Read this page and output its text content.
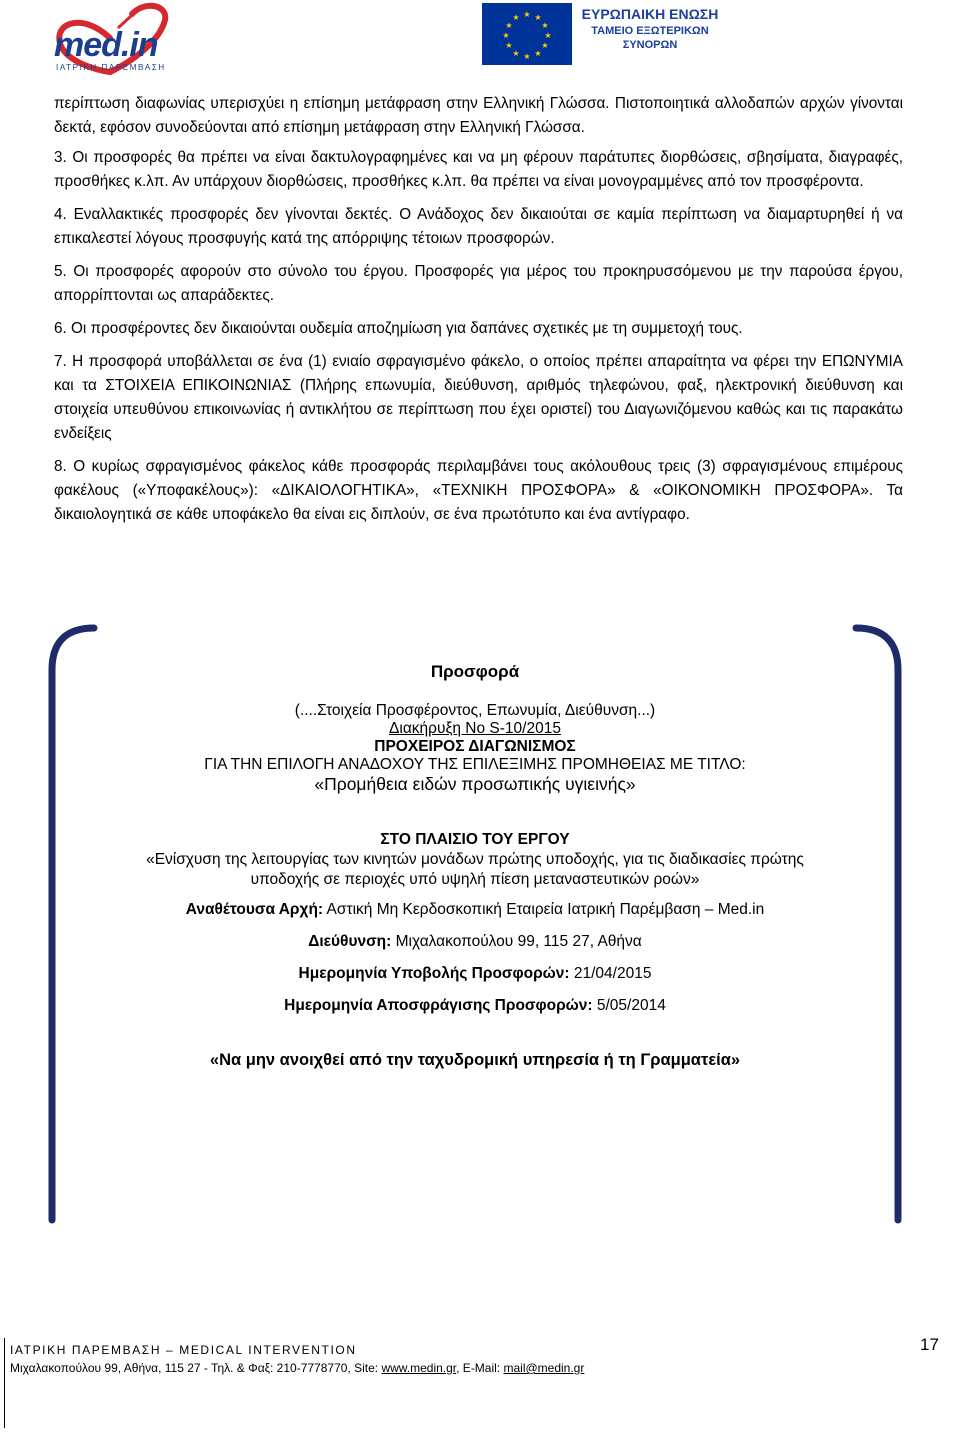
med.in
ΙΑΤΡΙΚΗ ΠΑΡΕΜΒΑΣΗ
★ ★
★
★
★
★
★
★
★
★
★
★	ΕΥΡΩΠΑΙΚΗ ΕΝΩΣΗ
ΤΑΜΕΙΟ ΕΞΩΤΕΡΙΚΩΝ
ΣΥΝΟΡΩΝ

περίπτωση διαφωνίας υπερισχύει η επίσημη μετάφραση στην Ελληνική Γλώσσα. Πιστοποιητικά αλλοδαπών αρχών γίνονται δεκτά, εφόσον συνοδεύονται από επίσημη μετάφραση στην Ελληνική Γλώσσα.

3. Οι προσφορές θα πρέπει να είναι δακτυλογραφημένες και να μη φέρουν παράτυπες διορθώσεις, σβησίματα, διαγραφές, προσθήκες κ.λπ. Αν υπάρχουν διορθώσεις, προσθήκες κ.λπ. θα πρέπει να είναι μονογραμμένες από τον προσφέροντα.

4. Εναλλακτικές προσφορές δεν γίνονται δεκτές. Ο Ανάδοχος δεν δικαιούται σε καμία περίπτωση να διαμαρτυρηθεί ή να επικαλεστεί λόγους προσφυγής κατά της απόρριψης τέτοιων προσφορών.

5. Οι προσφορές αφορούν στο σύνολο του έργου. Προσφορές για μέρος του προκηρυσσόμενου με την παρούσα έργου, απορρίπτονται ως απαράδεκτες.

6. Οι προσφέροντες δεν δικαιούνται ουδεμία αποζημίωση για δαπάνες σχετικές με τη συμμετοχή τους.

7. Η προσφορά υποβάλλεται σε ένα (1) ενιαίο σφραγισμένο φάκελο, ο οποίος πρέπει απαραίτητα να φέρει την ΕΠΩΝΥΜΙΑ και τα ΣΤΟΙΧΕΙΑ ΕΠΙΚΟΙΝΩΝΙΑΣ (Πλήρης επωνυμία, διεύθυνση, αριθμός τηλεφώνου, φαξ, ηλεκτρονική διεύθυνση και στοιχεία υπευθύνου επικοινωνίας ή αντικλήτου σε περίπτωση που έχει οριστεί) του Διαγωνιζόμενου καθώς και τις παρακάτω ενδείξεις

8. Ο κυρίως σφραγισμένος φάκελος κάθε προσφοράς περιλαμβάνει τους ακόλουθους τρεις (3) σφραγισμένους επιμέρους φακέλους («Υποφακέλους»): «ΔΙΚΑΙΟΛΟΓΗΤΙΚΑ», «ΤΕΧΝΙΚΗ ΠΡΟΣΦΟΡΑ» & «ΟΙΚΟΝΟΜΙΚΗ ΠΡΟΣΦΟΡΑ». Τα δικαιολογητικά σε κάθε υποφάκελο θα είναι εις διπλούν, σε ένα πρωτότυπο και ένα αντίγραφο.

Προσφορά
(....Στοιχεία Προσφέροντος, Επωνυμία, Διεύθυνση...)
Διακήρυξη Νο S-10/2015
ΠΡΟΧΕΙΡΟΣ ΔΙΑΓΩΝΙΣΜΟΣ
ΓΙΑ ΤΗΝ ΕΠΙΛΟΓΗ ΑΝΑΔΟΧΟΥ ΤΗΣ ΕΠΙΛΕΞΙΜΗΣ ΠΡΟΜΗΘΕΙΑΣ ΜΕ ΤΙΤΛΟ:
«Προμήθεια ειδών προσωπικής υγιεινής»
ΣΤΟ ΠΛΑΙΣΙΟ ΤΟΥ ΕΡΓΟΥ
«Ενίσχυση της λειτουργίας των κινητών μονάδων πρώτης υποδοχής, για τις διαδικασίες πρώτης
υποδοχής σε περιοχές υπό υψηλή πίεση μεταναστευτικών ροών»
Αναθέτουσα Αρχή: Αστική Μη Κερδοσκοπική Εταιρεία Ιατρική Παρέμβαση – Med.in
Διεύθυνση: Μιχαλακοπούλου 99, 115 27, Αθήνα
Ημερομηνία Υποβολής Προσφορών: 21/04/2015
Ημερομηνία Αποσφράγισης Προσφορών: 5/05/2014
«Να μην ανοιχθεί από την ταχυδρομική υπηρεσία ή τη Γραμματεία»
ΙΑΤΡΙΚΗ ΠΑΡΕΜΒΑΣΗ – MEDICAL INTERVENTION
Μιχαλακοπούλου 99, Αθήνα, 115 27 - Τηλ. & Φαξ: 210-7778770, Site: www.medin.gr, E-Mail: mail@medin.gr
17
